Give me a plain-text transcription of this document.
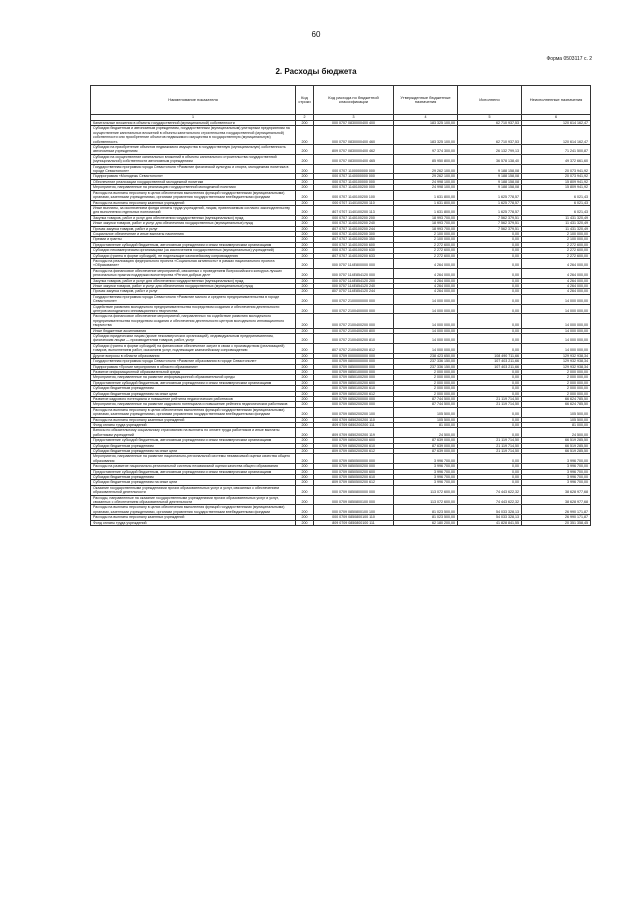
60
Форма 0503117 с. 2
2. Расходы бюджета
Наименование показателя	Код строки	Код расхода по бюджетной классификации	Утвержденные бюджетные назначения	Исполнено	Неисполненные назначения
1	2	3	4	5	6
Капитальные вложения в объекты государственной (муниципальной) собственности	200	000 0707 0830000400 400	183 325 100,00	62 710 937,53	120 614 162,47
Субсидии бюджетным и автономным учреждениям, государственным (муниципальным) унитарным предприятиям на осуществление капитальных вложений в объекты капитального строительства государственной (муниципальной) собственности или приобретение объектов недвижимого имущества в государственную (муниципальную) собственность	200	000 0707 0830000400 460	183 325 100,00	62 710 937,53	120 614 162,47
Субсидии на приобретение объектов недвижимого имущества в государственную (муниципальную) собственность автономным учреждениям	200	809 0707 0830000400 462	97 374 300,00	26 132 799,13	71 241 500,87
Субсидии на осуществление капитальных вложений в объекты капитального строительства государственной (муниципальной) собственности автономным учреждениям	200	000 0707 0830000400 465	85 950 800,00	36 578 138,40	49 372 661,60
Государственная программа города Севастополя «Развитие физической культуры и спорта, молодежная политика в городе Севастополе»	200	000 0707 1100000000 000	29 262 100,00	9 188 158,08	20 073 941,92
Подпрограмма «Молодежь Севастополя»	200	000 0707 1140000000 000	29 262 100,00	9 188 158,08	20 073 941,92
Обеспечение реализации государственной молодежной политики	200	000 0707 1140100000 000	24 998 100,00	9 188 158,08	15 809 941,92
Мероприятия, направленные на реализацию государственной молодежной политики	200	000 0707 1140100200 000	24 998 100,00	9 188 158,08	15 809 941,92
Расходы на выплаты персоналу в целях обеспечения выполнения функций государственными (муниципальными) органами, казенными учреждениями, органами управления государственными внебюджетными фондами	200	000 0707 1140100200 100	1 631 800,00	1 625 778,57	6 021,43
Расходы на выплаты персоналу казенных учреждений	200	000 0707 1140100200 110	1 631 800,00	1 625 778,57	6 021,43
Иные выплаты, за исключением фонда оплаты труда учреждений, лицам, привлекаемым согласно законодательству для выполнения отдельных полномочий	200	807 0707 1140100200 113	1 631 800,00	1 625 778,57	6 021,43
Закупка товаров, работ и услуг для обеспечения государственных (муниципальных) нужд	200	000 0707 1140100200 200	18 993 700,00	7 562 379,51	11 431 320,49
Иные закупки товаров, работ и услуг для обеспечения государственных (муниципальных) нужд	200	000 0707 1140100200 240	18 993 700,00	7 562 379,51	11 431 320,49
Прочая закупка товаров, работ и услуг	200	807 0707 1140100200 244	18 993 700,00	7 562 379,51	11 431 320,49
Социальное обеспечение и иные выплаты населению	200	000 0707 1140100200 300	2 100 000,00	0,00	2 100 000,00
Премии и гранты	200	807 0707 1140100200 350	2 100 000,00	0,00	2 100 000,00
Предоставление субсидий бюджетным, автономным учреждениям и иным некоммерческим организациям	200	000 0707 1140100200 600	2 272 600,00	0,00	2 272 600,00
Субсидии некоммерческим организациям (за исключением государственных (муниципальных) учреждений)	200	000 0707 1140100200 630	2 272 600,00	0,00	2 272 600,00
Субсидии (гранты в форме субсидий), не подлежащие казначейскому сопровождению	200	807 0707 1140100200 633	2 272 600,00	0,00	2 272 600,00
Расходы на реализацию федерального проекта «Социальная активность» в рамках национального проекта «Образование»	200	000 0707 114E800000 000	4 264 000,00	0,00	4 264 000,00
Расходы на финансовое обеспечение мероприятий, связанных с проведением Всероссийского конкурса лучших региональных практик поддержки волонтерства «Регион добрых дел»	200	000 0707 114E854120 000	4 264 000,00	0,00	4 264 000,00
Закупка товаров, работ и услуг для обеспечения государственных (муниципальных) нужд	200	000 0707 114E854120 200	4 264 000,00	0,00	4 264 000,00
Иные закупки товаров, работ и услуг для обеспечения государственных (муниципальных) нужд	200	000 0707 114E854120 240	4 264 000,00	0,00	4 264 000,00
Прочая закупка товаров, работ и услуг	200	807 0707 114E854120 244	4 264 000,00	0,00	4 264 000,00
Государственная программа города Севастополя «Развитие малого и среднего предпринимательства в городе Севастополе»	200	000 0707 2100000000 000	14 000 000,00	0,00	14 000 000,00
Содействие развитию молодежного предпринимательства посредством создания и обеспечения деятельности центров молодежного инновационного творчества	200	000 0707 2100400000 000	14 000 000,00	0,00	14 000 000,00
Расходы на финансовое обеспечение мероприятий, направленных на содействие развитию молодежного предпринимательства посредством создания и обеспечения деятельности центров молодежного инновационного творчества	200	000 0707 2100400200 000	14 000 000,00	0,00	14 000 000,00
Иные бюджетные ассигнования	200	000 0707 2100400200 800	14 000 000,00	0,00	14 000 000,00
Субсидии юридическим лицам (кроме некоммерческих организаций), индивидуальным предпринимателям, физическим лицам — производителям товаров, работ, услуг	200	000 0707 2100400200 810	14 000 000,00	0,00	14 000 000,00
Субсидии (гранты в форме субсидий) на финансовое обеспечение затрат в связи с производством (реализацией) товаров, выполнением работ, оказанием услуг, подлежащие казначейскому сопровождению	200	807 0707 2100400200 812	14 000 000,00	0,00	14 000 000,00
Другие вопросы в области образования	200	000 0709 0000000000 000	238 423 650,00	108 490 711,66	129 932 938,34
Государственная программа города Севастополя «Развитие образования в городе Севастополе»	200	000 0709 0800000000 000	237 336 150,00	107 403 211,66	129 932 938,34
Подпрограмма «Прочие мероприятия в области образования»	200	000 0709 0850000000 000	237 336 150,00	107 403 211,66	129 932 938,34
Развитие информационной образовательной среды	200	000 0709 0850100000 000	2 000 000,00	0,00	2 000 000,00
Мероприятия, направленные на развитие информационной образовательной среды	200	000 0709 0850100200 000	2 000 000,00	0,00	2 000 000,00
Предоставление субсидий бюджетным, автономным учреждениям и иным некоммерческим организациям	200	000 0709 0850100200 600	2 000 000,00	0,00	2 000 000,00
Субсидии бюджетным учреждениям	200	000 0709 0850100200 610	2 000 000,00	0,00	2 000 000,00
Субсидии бюджетным учреждениям на иные цели	200	809 0709 0850100200 612	2 000 000,00	0,00	2 000 000,00
Развитие кадрового потенциала и повышение рейтинга педагогических работников	200	000 0709 0850200000 000	87 744 500,00	21 119 714,50	66 624 785,50
Мероприятия, направленные на развитие кадрового потенциала и повышение рейтинга педагогических работников	200	000 0709 0850200200 000	87 744 500,00	21 119 714,50	66 624 785,50
Расходы на выплаты персоналу в целях обеспечения выполнения функций государственными (муниципальными) органами, казенными учреждениями, органами управления государственными внебюджетными фондами	200	000 0709 0850200200 100	105 500,00	0,00	105 500,00
Расходы на выплаты персоналу казенных учреждений	200	000 0709 0850200200 110	105 500,00	0,00	105 500,00
Фонд оплаты труда учреждений	200	809 0709 0850200200 111	81 000,00	0,00	81 000,00
Взносы по обязательному социальному страхованию на выплаты по оплате труда работников и иные выплаты работникам учреждений	200	809 0709 0850200200 119	24 500,00	0,00	24 500,00
Предоставление субсидий бюджетным, автономным учреждениям и иным некоммерческим организациям	200	000 0709 0850200200 600	87 639 000,00	21 119 714,50	66 519 285,50
Субсидии бюджетным учреждениям	200	000 0709 0850200200 610	87 639 000,00	21 119 714,50	66 519 285,50
Субсидии бюджетным учреждениям на иные цели	200	809 0709 0850200200 612	87 639 000,00	21 119 714,50	66 519 285,50
Мероприятия, направленные на развитие национально-региональной системы независимой оценки качества общего образования	200	000 0709 0850500000 000	3 996 700,00	0,00	3 996 700,00
Расходы на развитие национально-региональной системы независимой оценки качества общего образования	200	000 0709 0850500200 000	3 996 700,00	0,00	3 996 700,00
Предоставление субсидий бюджетным, автономным учреждениям и иным некоммерческим организациям	200	000 0709 0850500200 600	3 996 700,00	0,00	3 996 700,00
Субсидии бюджетным учреждениям	200	000 0709 0850500200 610	3 996 700,00	0,00	3 996 700,00
Субсидии бюджетным учреждениям на иные цели	200	809 0709 0850500200 612	3 996 700,00	0,00	3 996 700,00
Оказание государственными учреждениями прочих образовательных услуг и услуг, связанных с обеспечением образовательной деятельности	200	000 0709 0850800000 000	113 072 600,00	74 443 622,32	38 628 977,68
Расходы, направленные на оказание государственными учреждениями прочих образовательных услуг и услуг, связанных с обеспечением образовательной деятельности	200	000 0709 0850800100 000	113 072 600,00	74 443 622,32	38 628 977,68
Расходы на выплаты персоналу в целях обеспечения выполнения функций государственными (муниципальными) органами, казенными учреждениями, органами управления государственными внебюджетными фондами	200	000 0709 0850800100 100	81 023 500,00	54 033 328,13	26 990 171,87
Расходы на выплаты персоналу казенных учреждений	200	000 0709 0850800100 110	81 023 500,00	54 033 328,13	26 990 171,87
Фонд оплаты труда учреждений	200	809 0709 0850800100 111	62 180 200,00	41 828 841,55	20 351 358,45
